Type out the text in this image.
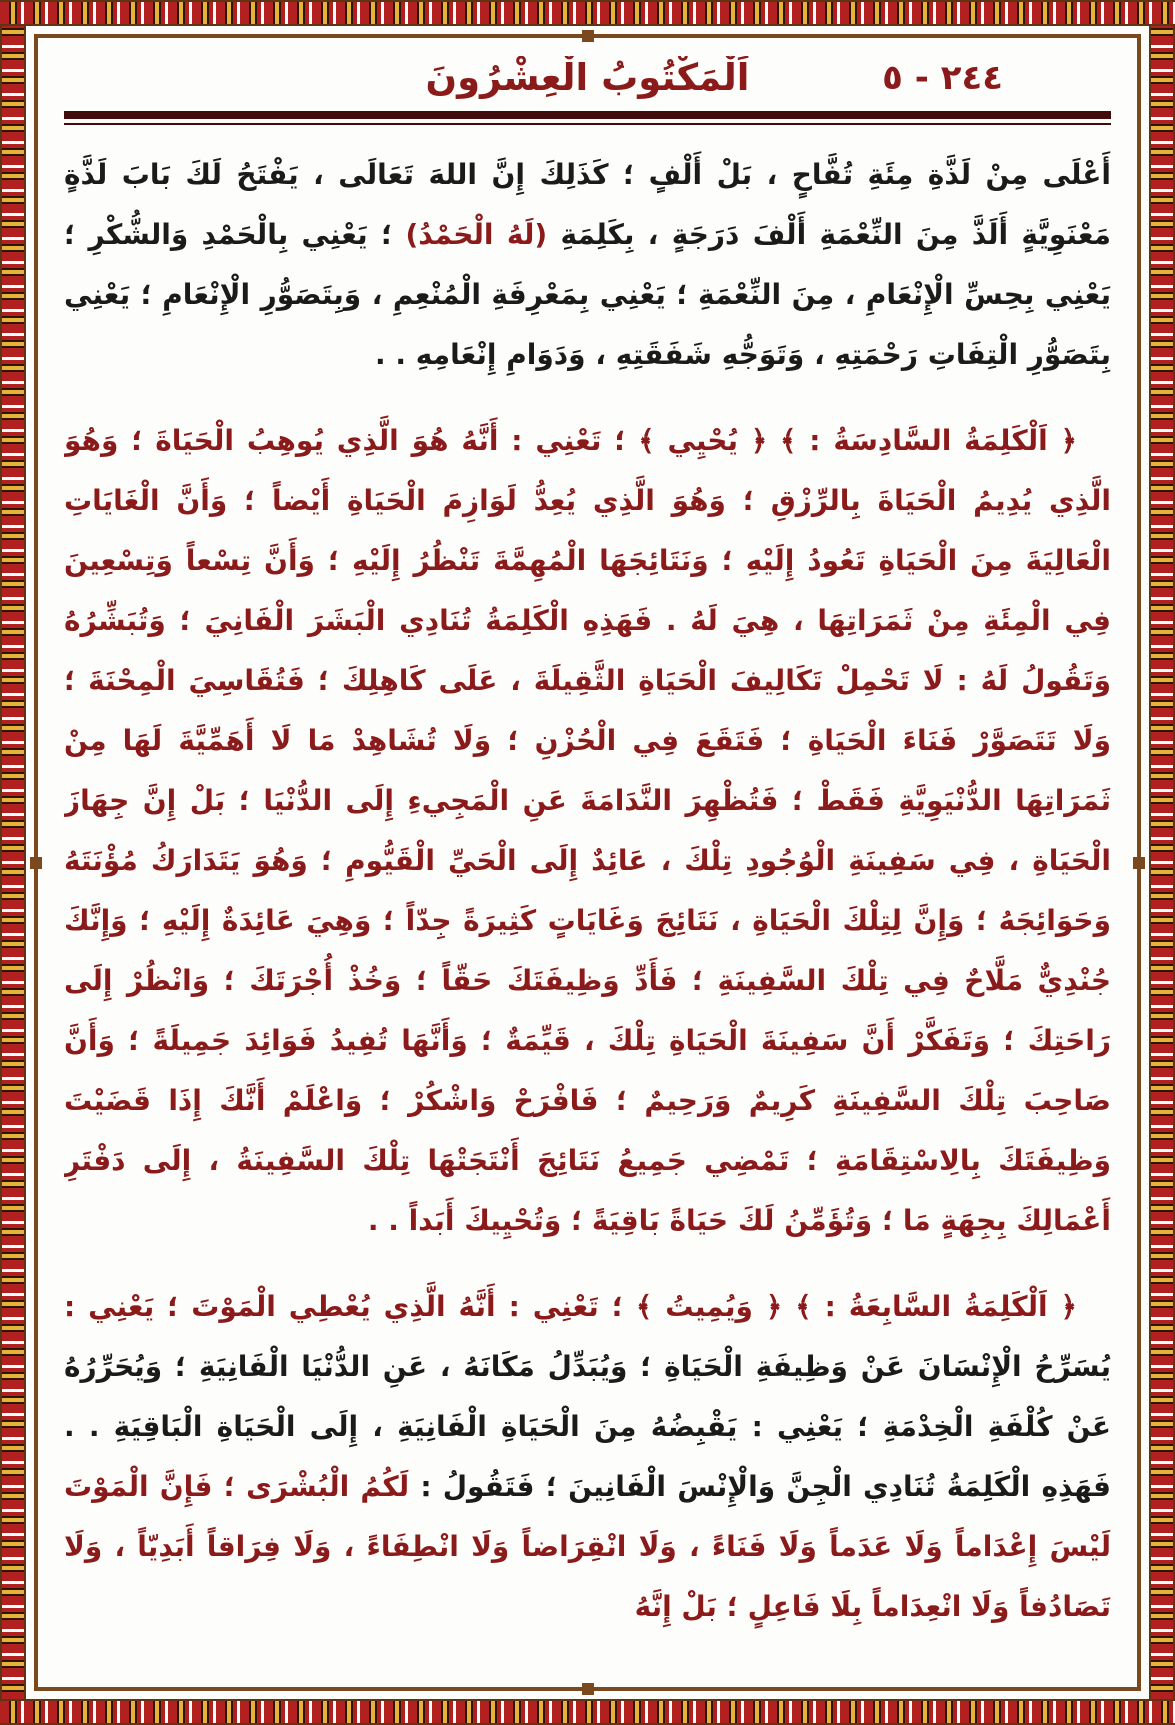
٢٤٤ - ٥
اَلْمَكْتُوبُ الْعِشْرُونَ

أَعْلَى مِنْ لَذَّةِ مِئَةِ تُفَّاحٍ ، بَلْ أَلْفٍ ؛ كَذَلِكَ إِنَّ اللهَ تَعَالَى ، يَفْتَحُ لَكَ بَابَ لَذَّةٍ مَعْنَوِيَّةٍ أَلَذَّ مِنَ النِّعْمَةِ أَلْفَ دَرَجَةٍ ، بِكَلِمَةِ (لَهُ الْحَمْدُ) ؛ يَعْنِي بِالْحَمْدِ وَالشُّكْرِ ؛ يَعْنِي بِحِسِّ الْإِنْعَامِ ، مِنَ النِّعْمَةِ ؛ يَعْنِي بِمَعْرِفَةِ الْمُنْعِمِ ، وَبِتَصَوُّرِ الْإِنْعَامِ ؛ يَعْنِي بِتَصَوُّرِ الْتِفَاتِ رَحْمَتِهِ ، وَتَوَجُّهِ شَفَقَتِهِ ، وَدَوَامِ إِنْعَامِهِ . .

﴿ اَلْكَلِمَةُ السَّادِسَةُ : ﴾ ﴿ يُحْيِي ﴾ ؛ تَعْنِي : أَنَّهُ هُوَ الَّذِي يُوهِبُ الْحَيَاةَ ؛ وَهُوَ الَّذِي يُدِيمُ الْحَيَاةَ بِالرِّزْقِ ؛ وَهُوَ الَّذِي يُعِدُّ لَوَازِمَ الْحَيَاةِ أَيْضاً ؛ وَأَنَّ الْغَايَاتِ الْعَالِيَةَ مِنَ الْحَيَاةِ تَعُودُ إِلَيْهِ ؛ وَنَتَائِجَهَا الْمُهِمَّةَ تَنْظُرُ إِلَيْهِ ؛ وَأَنَّ تِسْعاً وَتِسْعِينَ فِي الْمِئَةِ مِنْ ثَمَرَاتِهَا ، هِيَ لَهُ . فَهَذِهِ الْكَلِمَةُ تُنَادِي الْبَشَرَ الْفَانِيَ ؛ وَتُبَشِّرُهُ وَتَقُولُ لَهُ : لَا تَحْمِلْ تَكَالِيفَ الْحَيَاةِ الثَّقِيلَةَ ، عَلَى كَاهِلِكَ ؛ فَتُقَاسِيَ الْمِحْنَةَ ؛ وَلَا تَتَصَوَّرْ فَنَاءَ الْحَيَاةِ ؛ فَتَقَعَ فِي الْحُزْنِ ؛ وَلَا تُشَاهِدْ مَا لَا أَهَمِّيَّةَ لَهَا مِنْ ثَمَرَاتِهَا الدُّنْيَوِيَّةِ فَقَطْ ؛ فَتُظْهِرَ النَّدَامَةَ عَنِ الْمَجِيءِ إِلَى الدُّنْيَا ؛ بَلْ إِنَّ جِهَازَ الْحَيَاةِ ، فِي سَفِينَةِ الْوُجُودِ تِلْكَ ، عَائِدٌ إِلَى الْحَيِّ الْقَيُّومِ ؛ وَهُوَ يَتَدَارَكُ مُؤْنَتَهُ وَحَوَائِجَهُ ؛ وَإِنَّ لِتِلْكَ الْحَيَاةِ ، نَتَائِجَ وَغَايَاتٍ كَثِيرَةً جِدّاً ؛ وَهِيَ عَائِدَةٌ إِلَيْهِ ؛ وَإِنَّكَ جُنْدِيٌّ مَلَّاحٌ فِي تِلْكَ السَّفِينَةِ ؛ فَأَدِّ وَظِيفَتَكَ حَقّاً ؛ وَخُذْ أُجْرَتَكَ ؛ وَانْظُرْ إِلَى رَاحَتِكَ ؛ وَتَفَكَّرْ أَنَّ سَفِينَةَ الْحَيَاةِ تِلْكَ ، قَيِّمَةٌ ؛ وَأَنَّهَا تُفِيدُ فَوَائِدَ جَمِيلَةً ؛ وَأَنَّ صَاحِبَ تِلْكَ السَّفِينَةِ كَرِيمٌ وَرَحِيمٌ ؛ فَافْرَحْ وَاشْكُرْ ؛ وَاعْلَمْ أَنَّكَ إِذَا قَضَيْتَ وَظِيفَتَكَ بِالِاسْتِقَامَةِ ؛ تَمْضِي جَمِيعُ نَتَائِجَ أَنْتَجَتْهَا تِلْكَ السَّفِينَةُ ، إِلَى دَفْتَرِ أَعْمَالِكَ بِجِهَةٍ مَا ؛ وَتُؤَمِّنُ لَكَ حَيَاةً بَاقِيَةً ؛ وَتُحْيِيكَ أَبَداً . .

﴿ اَلْكَلِمَةُ السَّابِعَةُ : ﴾ ﴿ وَيُمِيتُ ﴾ ؛ تَعْنِي : أَنَّهُ الَّذِي يُعْطِي الْمَوْتَ ؛ يَعْنِي : يُسَرِّحُ الْإِنْسَانَ عَنْ وَظِيفَةِ الْحَيَاةِ ؛ وَيُبَدِّلُ مَكَانَهُ ، عَنِ الدُّنْيَا الْفَانِيَةِ ؛ وَيُحَرِّرُهُ عَنْ كُلْفَةِ الْخِدْمَةِ ؛ يَعْنِي : يَقْبِضُهُ مِنَ الْحَيَاةِ الْفَانِيَةِ ، إِلَى الْحَيَاةِ الْبَاقِيَةِ . . فَهَذِهِ الْكَلِمَةُ تُنَادِي الْجِنَّ وَالْإِنْسَ الْفَانِينَ ؛ فَتَقُولُ : لَكُمُ الْبُشْرَى ؛ فَإِنَّ الْمَوْتَ لَيْسَ إِعْدَاماً وَلَا عَدَماً وَلَا فَنَاءً ، وَلَا انْقِرَاضاً وَلَا انْطِفَاءً ، وَلَا فِرَاقاً أَبَدِيّاً ، وَلَا تَصَادُفاً وَلَا انْعِدَاماً بِلَا فَاعِلٍ ؛ بَلْ إِنَّهُ
